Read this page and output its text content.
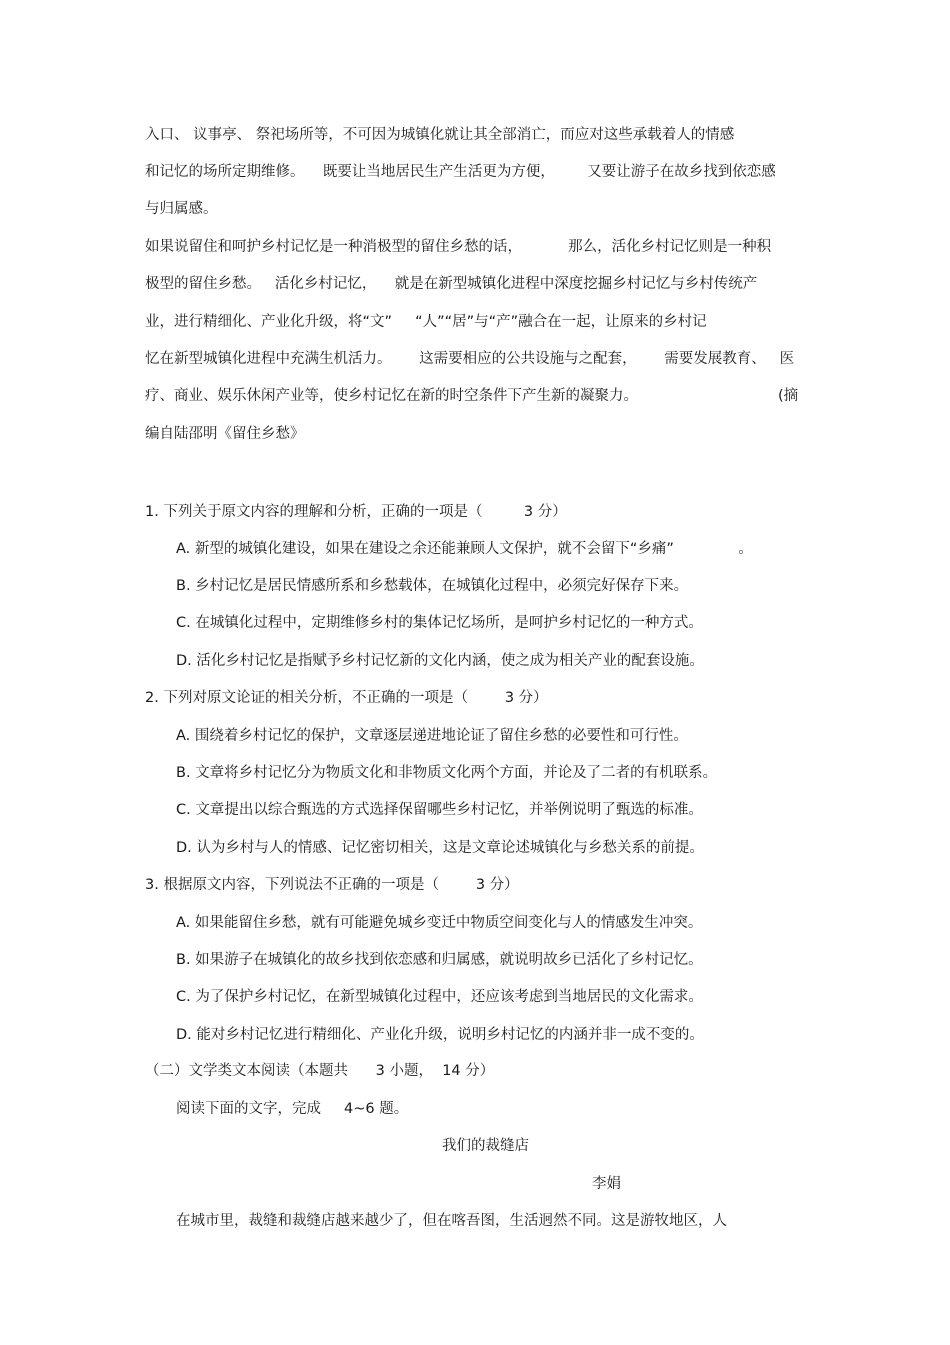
入口、 议事亭、 祭祀场所等，不可因为城镇化就让其全部消亡，而应对这些承载着人的情感
和记忆的场所定期维修。    既要让当地居民生产生活更为方便，       又要让游子在故乡找到依恋感
与归属感。
如果说留住和呵护乡村记忆是一种消极型的留住乡愁的话，          那么，活化乡村记忆则是一种积
极型的留住乡愁。   活化乡村记忆，    就是在新型城镇化进程中深度挖掘乡村记忆与乡村传统产
业，进行精细化、产业化升级，将“文”     “人”“居”与“产”融合在一起，让原来的乡村记
忆在新型城镇化进程中充满生机活力。      这需要相应的公共设施与之配套，      需要发展教育、   医
疗、商业、娱乐休闲产业等，使乡村记忆在新的时空条件下产生新的凝聚力。	(摘
编自陆邵明《留住乡愁》
1. 下列关于原文内容的理解和分析，正确的一项是（         3 分）
A. 新型的城镇化建设，如果在建设之余还能兼顾人文保护，就不会留下“乡痛”              。
B. 乡村记忆是居民情感所系和乡愁载体，在城镇化过程中，必须完好保存下来。
C. 在城镇化过程中，定期维修乡村的集体记忆场所，是呵护乡村记忆的一种方式。
D. 活化乡村记忆是指赋予乡村记忆新的文化内涵，使之成为相关产业的配套设施。
2. 下列对原文论证的相关分析，不正确的一项是（        3 分）
A. 围绕着乡村记忆的保护，文章逐层递进地论证了留住乡愁的必要性和可行性。
B. 文章将乡村记忆分为物质文化和非物质文化两个方面，并论及了二者的有机联系。
C. 文章提出以综合甄选的方式选择保留哪些乡村记忆，并举例说明了甄选的标准。
D. 认为乡村与人的情感、记忆密切相关，这是文章论述城镇化与乡愁关系的前提。
3. 根据原文内容，下列说法不正确的一项是（        3 分）
A. 如果能留住乡愁，就有可能避免城乡变迁中物质空间变化与人的情感发生冲突。
B. 如果游子在城镇化的故乡找到依恋感和归属感，就说明故乡已活化了乡村记忆。
C. 为了保护乡村记忆，在新型城镇化过程中，还应该考虑到当地居民的文化需求。
D. 能对乡村记忆进行精细化、产业化升级，说明乡村记忆的内涵并非一成不变的。
（二）文学类文本阅读（本题共      3 小题，  14 分）
阅读下面的文字，完成     4~6 题。
我们的裁缝店
李娟
在城市里，裁缝和裁缝店越来越少了，但在喀吾图，生活迥然不同。这是游牧地区，人
